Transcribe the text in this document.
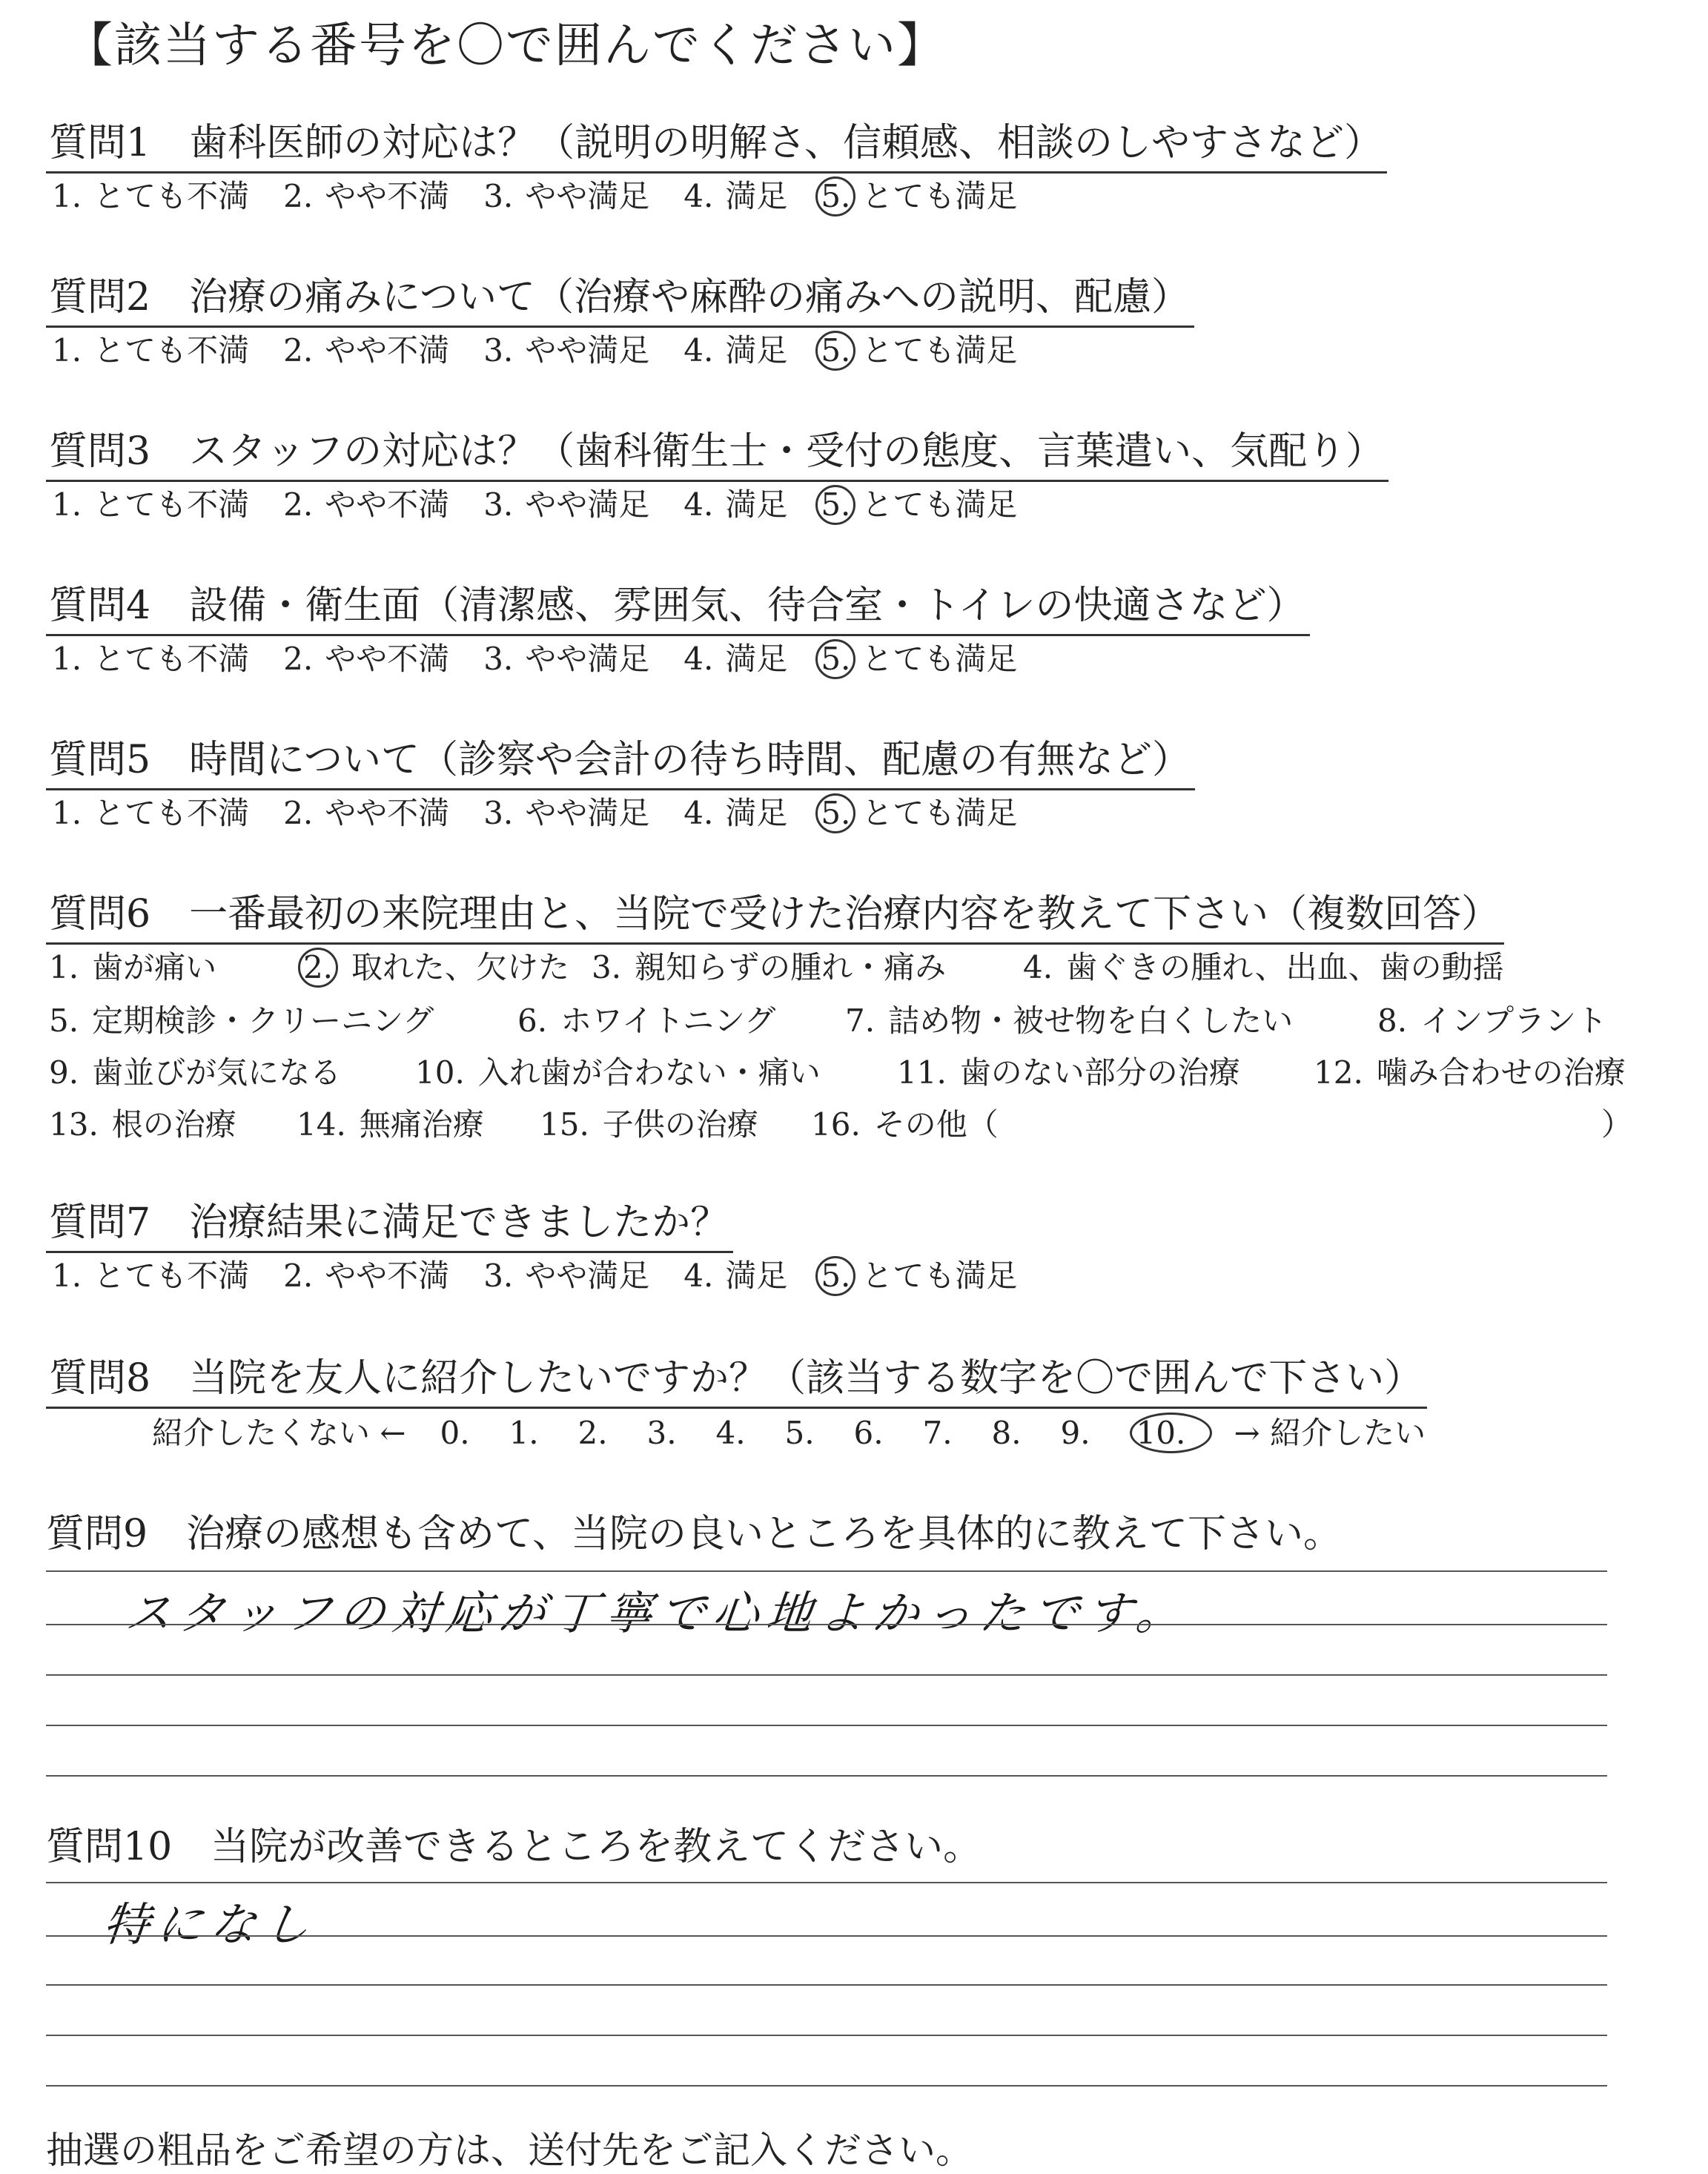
【該当する番号を〇で囲んでください】
質問1 歯科医師の対応は？（説明の明解さ、信頼感、相談のしやすさなど）
1. とても不満 2. やや不満 3. やや満足 4. 満足 5. とても満足
質問2 治療の痛みについて（治療や麻酔の痛みへの説明、配慮）
1. とても不満 2. やや不満 3. やや満足 4. 満足 5. とても満足
質問3 スタッフの対応は？（歯科衛生士・受付の態度、言葉遣い、気配り）
1. とても不満 2. やや不満 3. やや満足 4. 満足 5. とても満足
質問4 設備・衛生面（清潔感、雰囲気、待合室・トイレの快適さなど）
1. とても不満 2. やや不満 3. やや満足 4. 満足 5. とても満足
質問5 時間について（診察や会計の待ち時間、配慮の有無など）
1. とても不満 2. やや不満 3. やや満足 4. 満足 5. とても満足
質問6 一番最初の来院理由と、当院で受けた治療内容を教えて下さい（複数回答）
1. 歯が痛い	2. 取れた、欠けた 3. 親知らずの腫れ・痛み 4. 歯ぐきの腫れ、出血、歯の動揺
5. 定期検診・クリーニング	6. ホワイトニング 7. 詰め物・被せ物を白くしたい	8. インプラント
9. 歯並びが気になる 10. 入れ歯が合わない・痛い 11. 歯のない部分の治療 12. 噛み合わせの治療
13. 根の治療 14. 無痛治療 15. 子供の治療 16. その他（	）
質問7 治療結果に満足できましたか？
1. とても不満 2. やや不満 3. やや満足 4. 満足 5. とても満足
質問8 当院を友人に紹介したいですか？（該当する数字を〇で囲んで下さい）
紹介したくない ← 0. 1. 2. 3. 4. 5. 6. 7. 8. 9. 10. → 紹介したい
質問9 治療の感想も含めて、当院の良いところを具体的に教えて下さい。
スタッフの対応が丁寧で心地よかったです。
質問10 当院が改善できるところを教えてください。
特になし
抽選の粗品をご希望の方は、送付先をご記入ください。
